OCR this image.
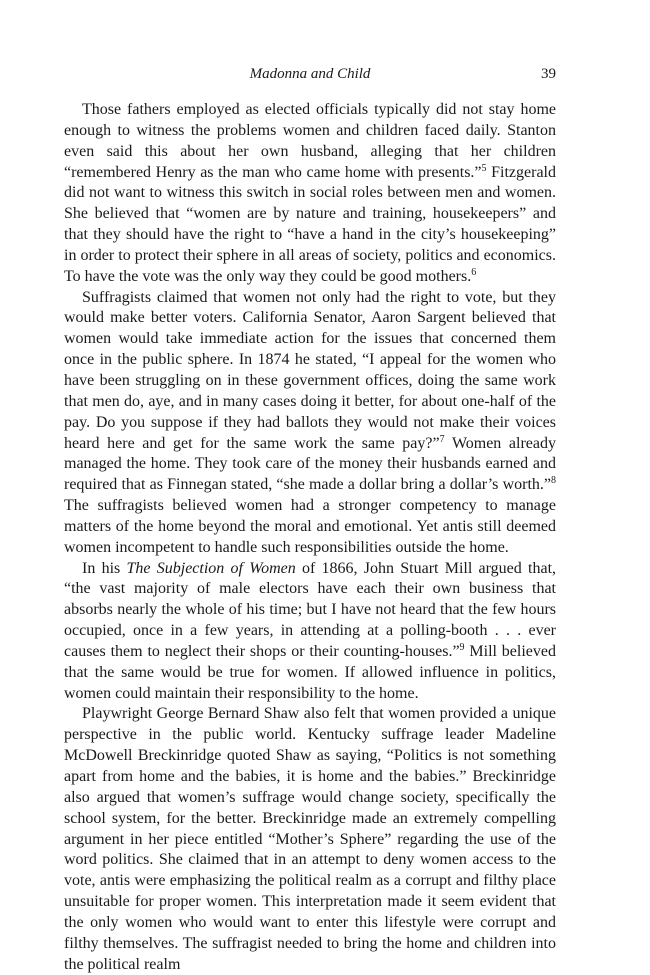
Madonna and Child	39

Those fathers employed as elected officials typically did not stay home enough to witness the problems women and children faced daily. Stanton even said this about her own husband, alleging that her children “remembered Henry as the man who came home with presents.”$^5$ Fitzgerald did not want to witness this switch in social roles between men and women. She believed that “women are by nature and training, housekeepers” and that they should have the right to “have a hand in the city’s housekeeping” in order to protect their sphere in all areas of society, politics and economics. To have the vote was the only way they could be good mothers.$^6$

Suffragists claimed that women not only had the right to vote, but they would make better voters. California Senator, Aaron Sargent believed that women would take immediate action for the issues that concerned them once in the public sphere. In 1874 he stated, “I appeal for the women who have been struggling on in these government offices, doing the same work that men do, aye, and in many cases doing it better, for about one-half of the pay. Do you suppose if they had ballots they would not make their voices heard here and get for the same work the same pay?”$^7$ Women already managed the home. They took care of the money their husbands earned and required that as Finnegan stated, “she made a dollar bring a dollar’s worth.”$^8$ The suffragists believed women had a stronger competency to manage matters of the home beyond the moral and emotional. Yet antis still deemed women incompetent to handle such responsibilities outside the home.

In his The Subjection of Women of 1866, John Stuart Mill argued that, “the vast majority of male electors have each their own business that absorbs nearly the whole of his time; but I have not heard that the few hours occupied, once in a few years, in attending at a polling-booth . . . ever causes them to neglect their shops or their counting-houses.”$^9$ Mill believed that the same would be true for women. If allowed influence in politics, women could maintain their responsibility to the home.

Playwright George Bernard Shaw also felt that women provided a unique perspective in the public world. Kentucky suffrage leader Madeline McDowell Breckinridge quoted Shaw as saying, “Politics is not something apart from home and the babies, it is home and the babies.” Breckinridge also argued that women’s suffrage would change society, specifically the school system, for the better. Breckinridge made an extremely compelling argument in her piece entitled “Mother’s Sphere” regarding the use of the word politics. She claimed that in an attempt to deny women access to the vote, antis were emphasizing the political realm as a corrupt and filthy place unsuitable for proper women. This interpretation made it seem evident that the only women who would want to enter this lifestyle were corrupt and filthy themselves. The suffragist needed to bring the home and children into the political realm
